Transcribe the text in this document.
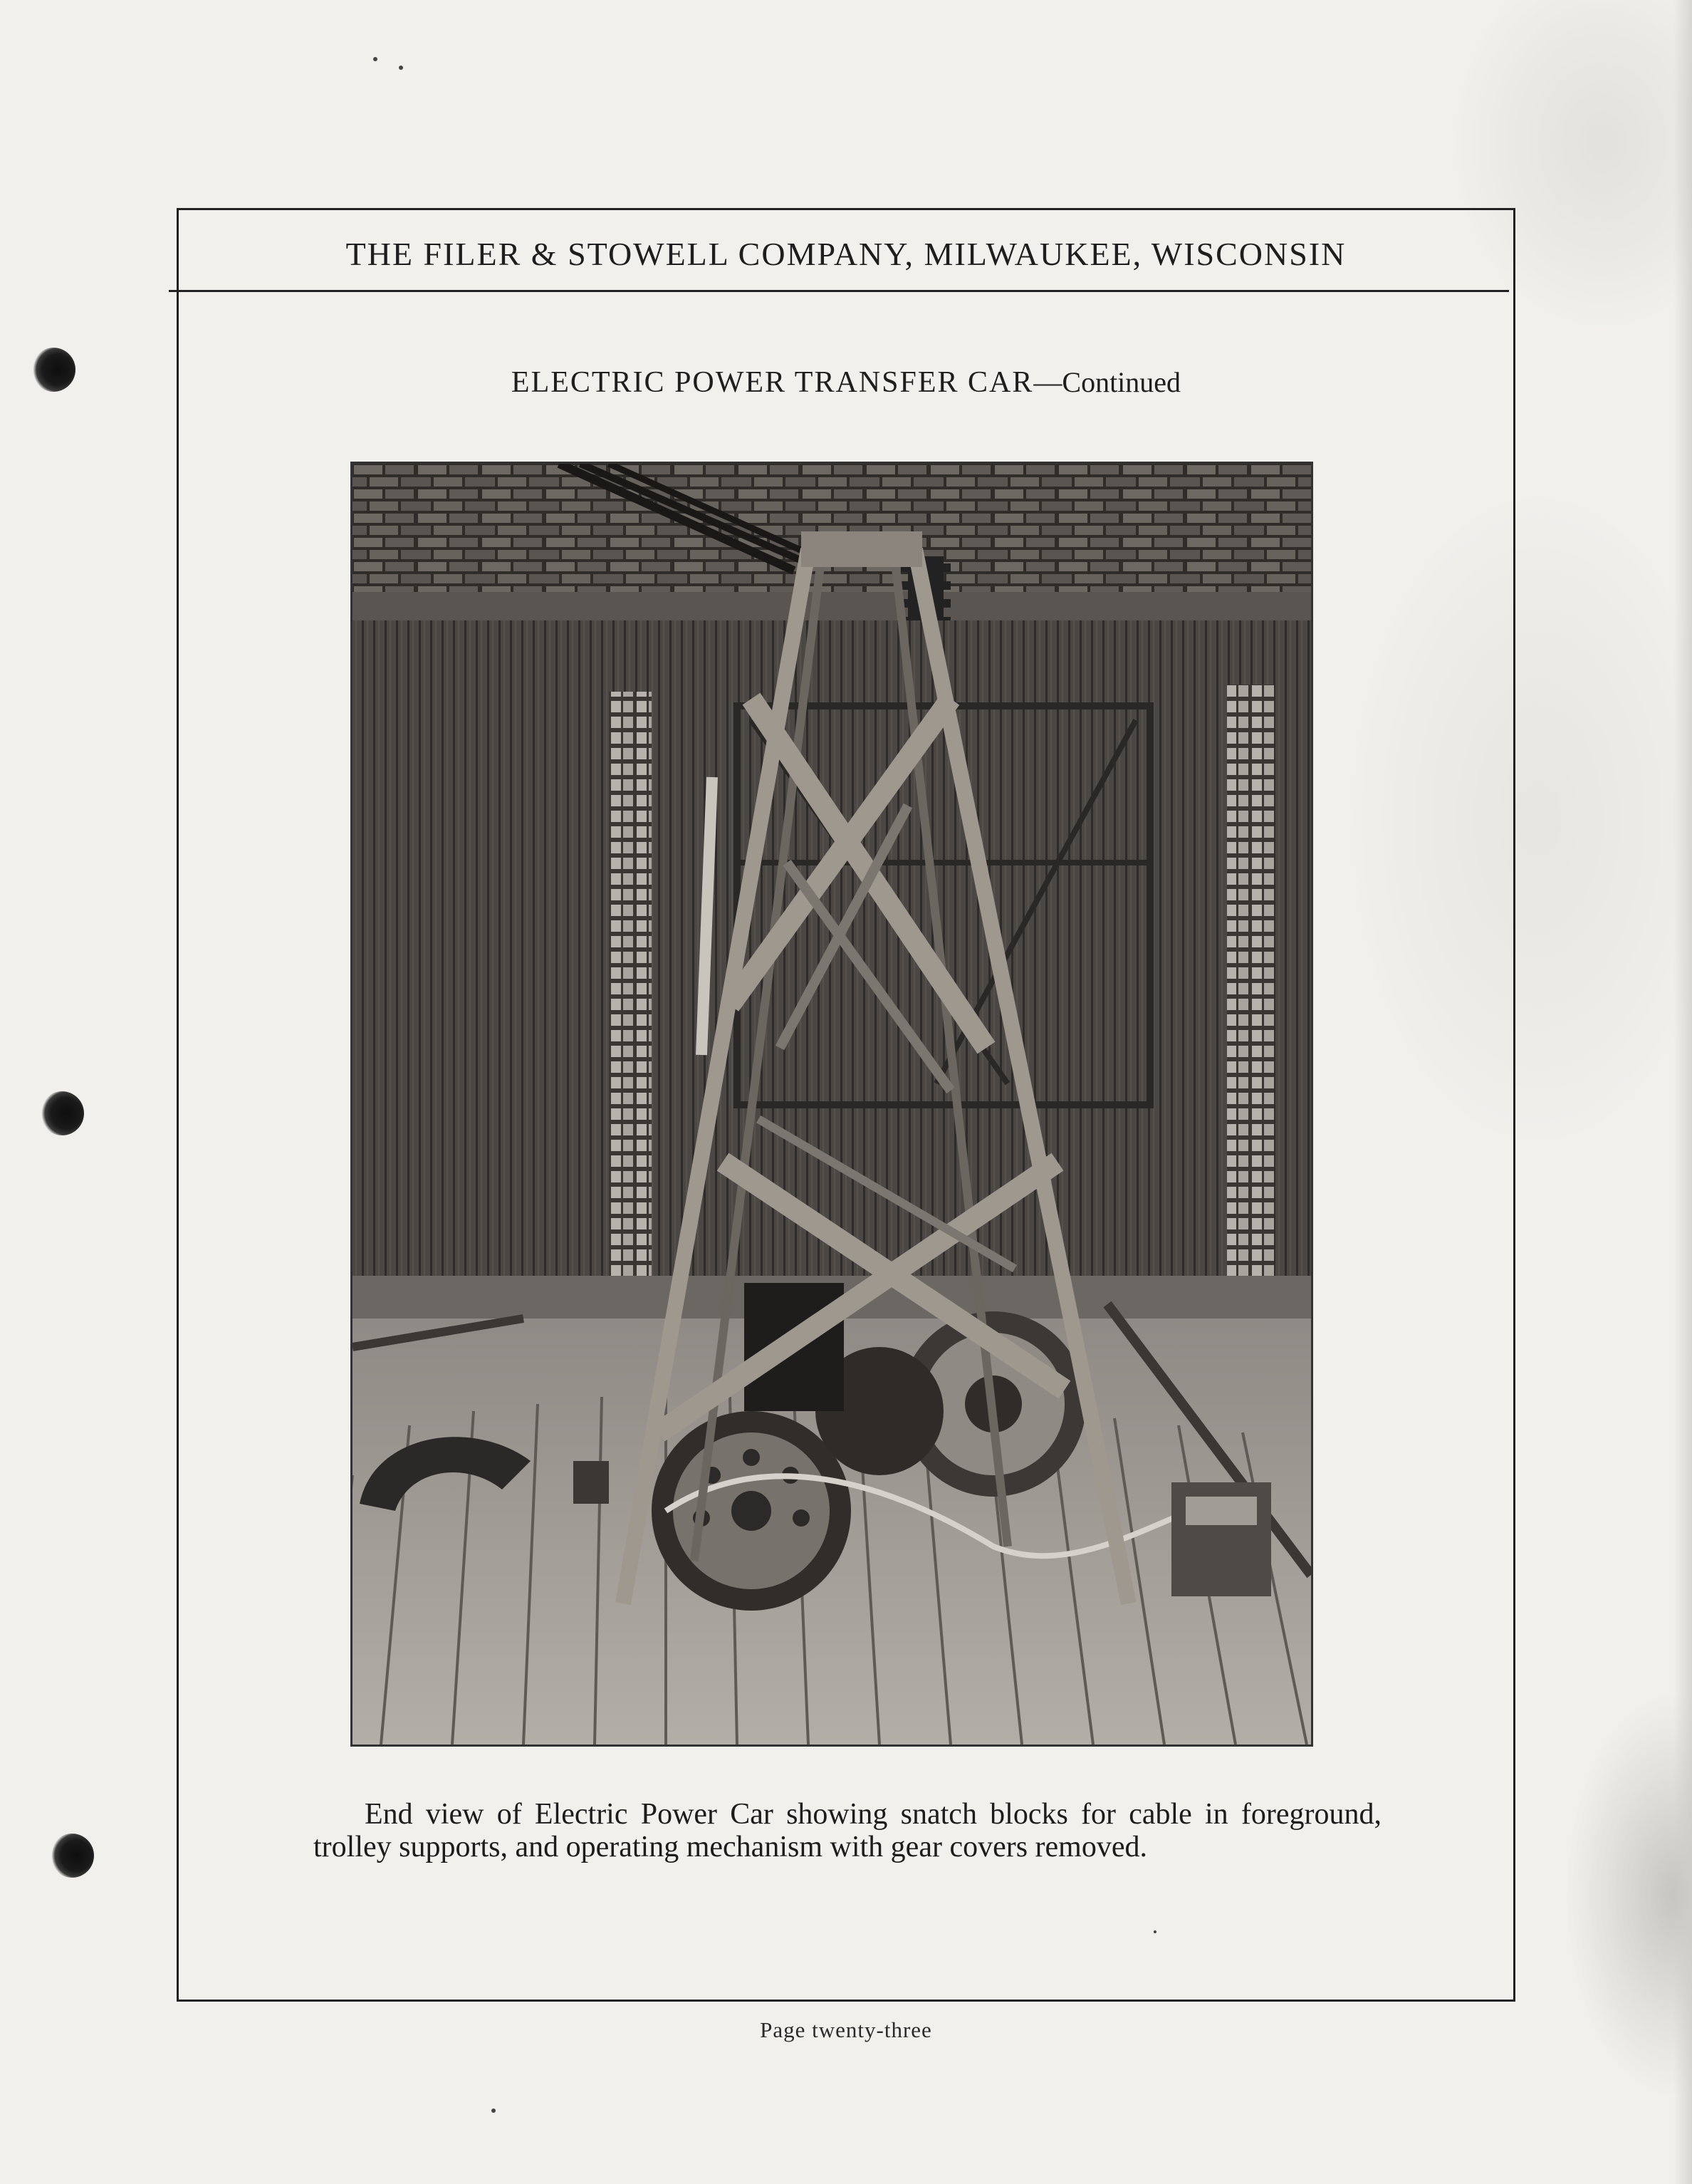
THE FILER & STOWELL COMPANY, MILWAUKEE, WISCONSIN
ELECTRIC POWER TRANSFER CAR—Continued
End view of Electric Power Car showing snatch blocks for cable in foreground, trolley supports, and operating mechanism with gear covers removed.
Page twenty-three
